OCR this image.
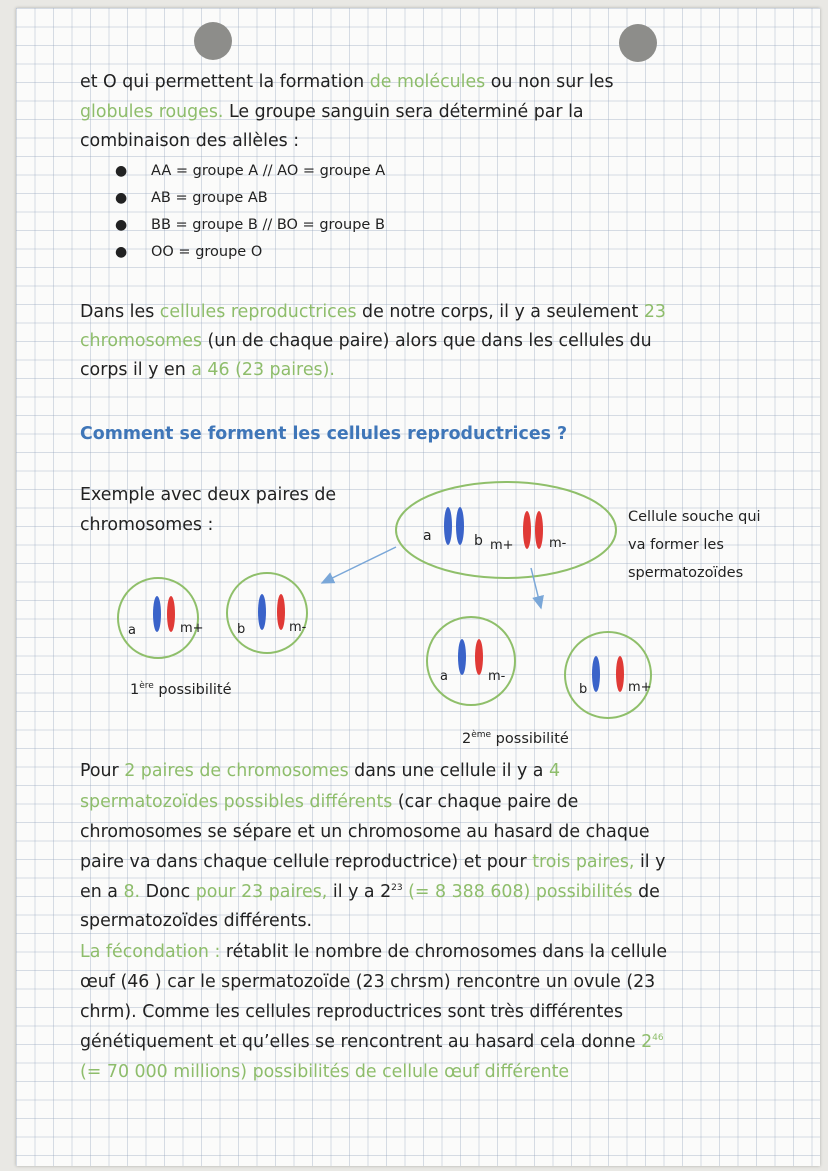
et O qui permettent la formation de molécules ou non sur les
globules rouges. Le groupe sanguin sera déterminé par la
combinaison des allèles :
● AA = groupe A // AO = groupe A
● AB = groupe AB
● BB = groupe B // BO = groupe B
● OO = groupe O
Dans les cellules reproductrices de notre corps, il y a seulement 23
chromosomes (un de chaque paire) alors que dans les cellules du
corps il y en a 46 (23 paires).
Comment se forment les cellules reproductrices ?
Exemple avec deux paires de
chromosomes :	Cellule souche qui
va former les
spermatozoïdes
a	b m+	m-
a	m+	b	m-
a	m-
b	m+
1ère possibilité
2ème possibilité
Pour 2 paires de chromosomes dans une cellule il y a 4
spermatozoïdes possibles différents (car chaque paire de
chromosomes se sépare et un chromosome au hasard de chaque
paire va dans chaque cellule reproductrice) et pour trois paires, il y
en a 8. Donc pour 23 paires, il y a $2^{23}$ (= 8 388 608) possibilités de
spermatozoïdes différents.
La fécondation : rétablit le nombre de chromosomes dans la cellule
œuf (46 ) car le spermatozoïde (23 chrsm) rencontre un ovule (23
chrm). Comme les cellules reproductrices sont très différentes
génétiquement et qu’elles se rencontrent au hasard cela donne $2^{46}$
(= 70 000 millions) possibilités de cellule œuf différente
